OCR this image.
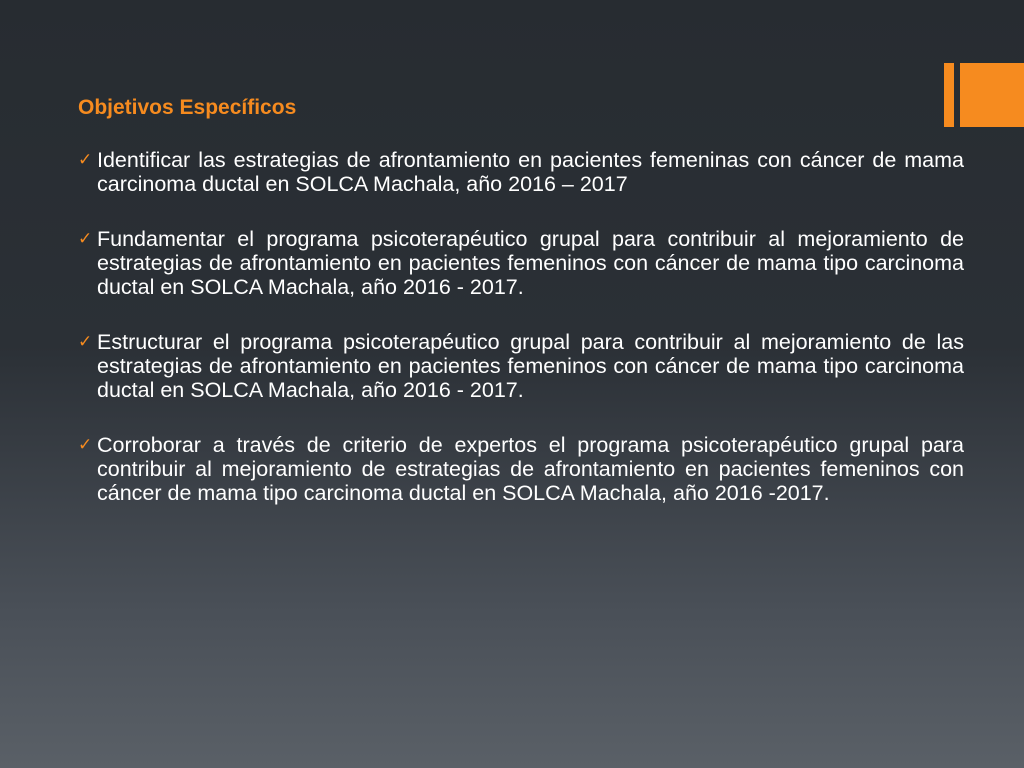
Objetivos Específicos
✓ Identificar las estrategias de afrontamiento en pacientes femeninas con cáncer de mama carcinoma ductal en SOLCA Machala, año 2016 – 2017
✓ Fundamentar el programa psicoterapéutico grupal para contribuir al mejoramiento de estrategias de afrontamiento en pacientes femeninos con cáncer de mama tipo carcinoma ductal en SOLCA Machala, año 2016 - 2017.
✓ Estructurar el programa psicoterapéutico grupal para contribuir al mejoramiento de las estrategias de afrontamiento en pacientes femeninos con cáncer de mama tipo carcinoma ductal en SOLCA Machala, año 2016 - 2017.
✓ Corroborar a través de criterio de expertos el programa psicoterapéutico grupal para contribuir al mejoramiento de estrategias de afrontamiento en pacientes femeninos con cáncer de mama tipo carcinoma ductal en SOLCA Machala, año 2016 -2017.
